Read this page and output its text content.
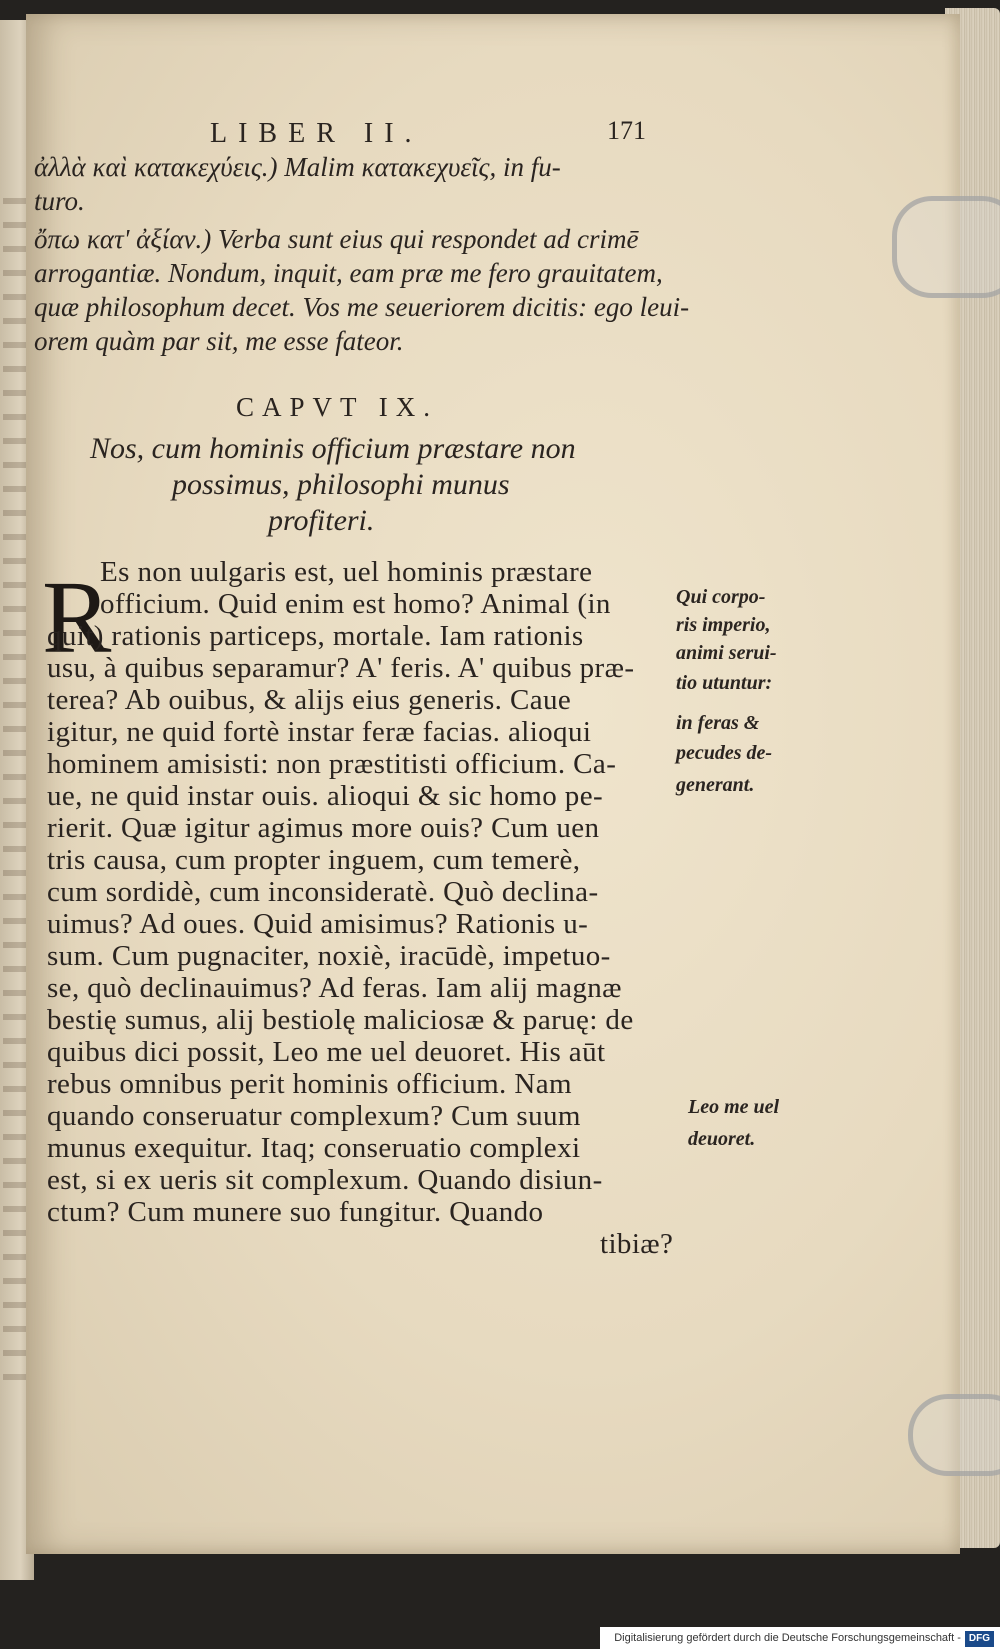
LIBER II.	171
ἀλλὰ καὶ κατακεχύεις.) Malim κατακεχυεῖς, in fu-
turo.
ὄπω κατ' ἀξίαν.) Verba sunt eius qui respondet ad crimē
arrogantiæ. Nondum, inquit, eam præ me fero grauitatem,
quæ philosophum decet. Vos me seueriorem dicitis: ego leui-
orem quàm par sit, me esse fateor.
CAPVT IX.
Nos, cum hominis officium præstare non
possimus, philosophi munus
profiteri.
R
Es non uulgaris est, uel hominis præstare
officium. Quid enim est homo? Animal (in
quit) rationis particeps, mortale. Iam rationis
usu, à quibus separamur? A' feris. A' quibus præ-
terea? Ab ouibus, & alijs eius generis. Caue
igitur, ne quid fortè instar feræ facias. alioqui
hominem amisisti: non præstitisti officium. Ca-
ue, ne quid instar ouis. alioqui & sic homo pe-
rierit. Quæ igitur agimus more ouis? Cum uen
tris causa, cum propter inguem, cum temerè,
cum sordidè, cum inconsideratè. Quò declina-
uimus? Ad oues. Quid amisimus? Rationis u-
sum. Cum pugnaciter, noxiè, iracūdè, impetuo-
se, quò declinauimus? Ad feras. Iam alij magnæ
bestię sumus, alij bestiolę maliciosæ & paruę: de
quibus dici possit, Leo me uel deuoret. His aūt
rebus omnibus perit hominis officium. Nam
quando conseruatur complexum? Cum suum
munus exequitur. Itaq; conseruatio complexi
est, si ex ueris sit complexum. Quando disiun-
ctum? Cum munere suo fungitur. Quando
tibiæ?
Qui corpo-
ris imperio,
animi serui-
tio utuntur:
in feras &
pecudes de-
generant.
Leo me uel
deuoret.
Digitalisierung gefördert durch die Deutsche Forschungsgemeinschaft - DFG
